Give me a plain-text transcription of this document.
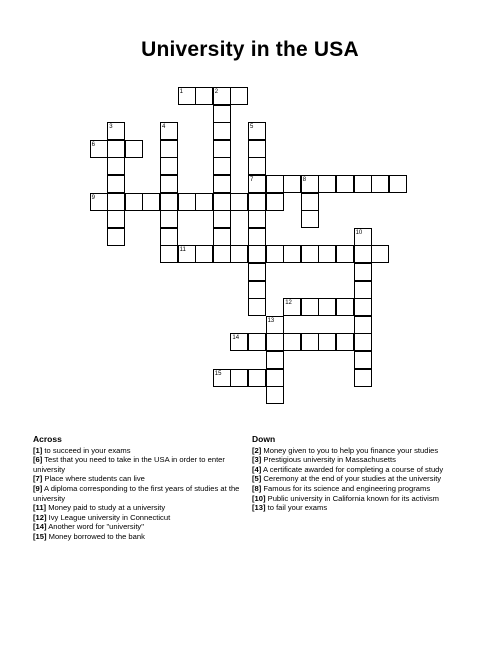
University in the USA
1	2
3	4	5
7
6
8
9
10
11
12
13
14
15
Across
[1] to succeed in your exams
[6] Test that you need to take in the USA in order to enter university
[7] Place where students can live
[9] A diploma corresponding to the first years of studies at the university
[11] Money paid to study at a university
[12] Ivy League university in Connecticut
[14] Another word for "university"
[15] Money borrowed to the bank
Down
[2] Money given to you to help you finance your studies
[3] Prestigious university in Massachusetts
[4] A certificate awarded for completing a course of study
[5] Ceremony at the end of your studies at the university
[8] Famous for its science and engineering programs
[10] Public university in California known for its activism
[13] to fail your exams
